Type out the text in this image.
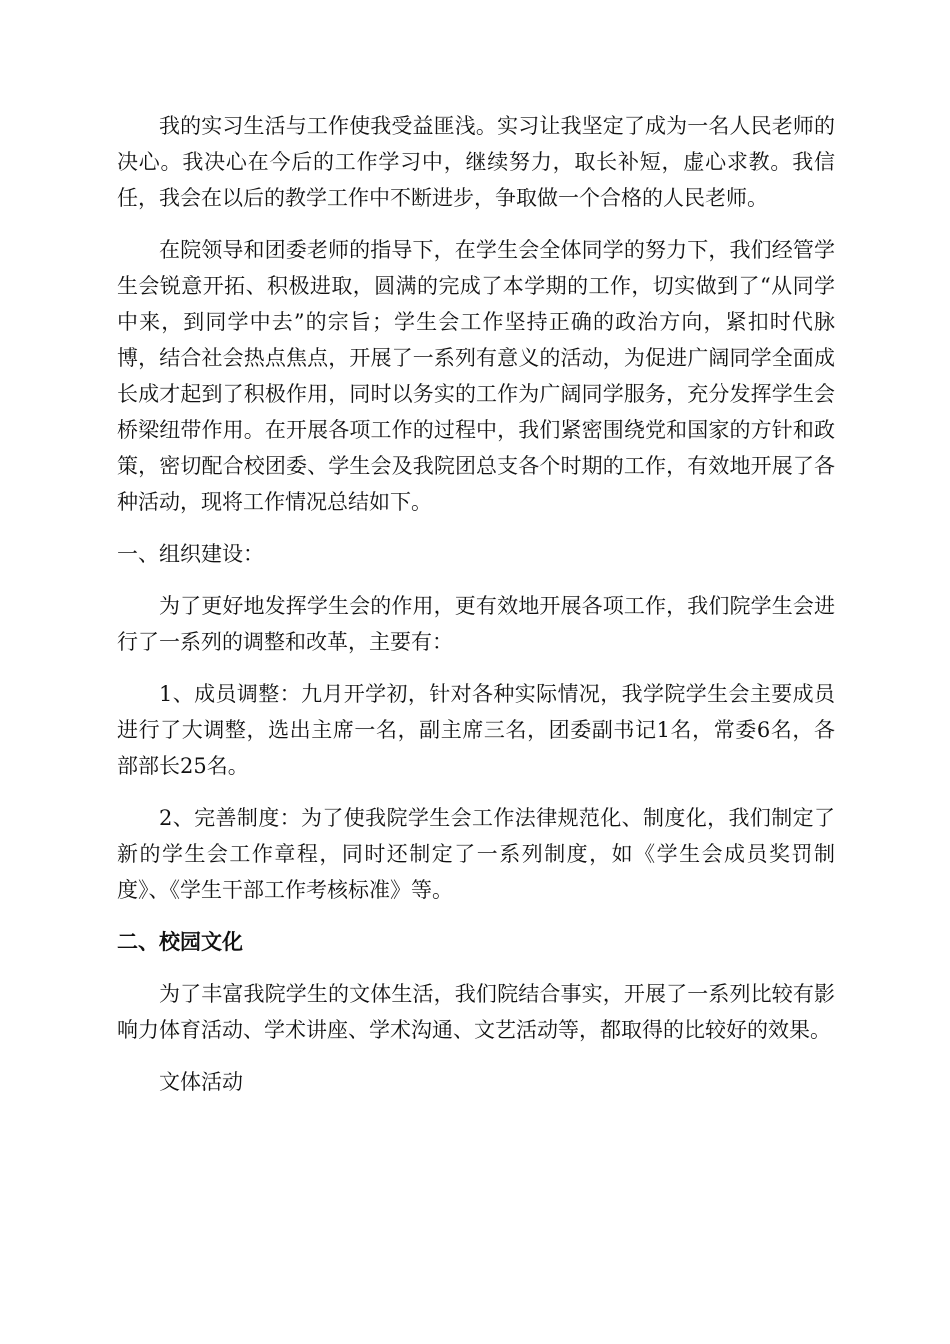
我的实习生活与工作使我受益匪浅。实习让我坚定了成为一名人民老师的决心。我决心在今后的工作学习中，继续努力，取长补短，虚心求教。我信任，我会在以后的教学工作中不断进步，争取做一个合格的人民老师。

在院领导和团委老师的指导下，在学生会全体同学的努力下，我们经管学生会锐意开拓、积极进取，圆满的完成了本学期的工作，切实做到了“从同学中来，到同学中去”的宗旨；学生会工作坚持正确的政治方向，紧扣时代脉博，结合社会热点焦点，开展了一系列有意义的活动，为促进广阔同学全面成长成才起到了积极作用，同时以务实的工作为广阔同学服务，充分发挥学生会桥梁纽带作用。在开展各项工作的过程中，我们紧密围绕党和国家的方针和政策，密切配合校团委、学生会及我院团总支各个时期的工作，有效地开展了各种活动，现将工作情况总结如下。

一、组织建设：

为了更好地发挥学生会的作用，更有效地开展各项工作，我们院学生会进行了一系列的调整和改革，主要有：

1、成员调整：九月开学初，针对各种实际情况，我学院学生会主要成员进行了大调整，选出主席一名，副主席三名，团委副书记1名，常委6名，各部部长25名。

2、完善制度：为了使我院学生会工作法律规范化、制度化，我们制定了新的学生会工作章程，同时还制定了一系列制度，如《学生会成员奖罚制度》、《学生干部工作考核标准》等。

二、校园文化

为了丰富我院学生的文体生活，我们院结合事实，开展了一系列比较有影响力体育活动、学术讲座、学术沟通、文艺活动等，都取得的比较好的效果。

文体活动
